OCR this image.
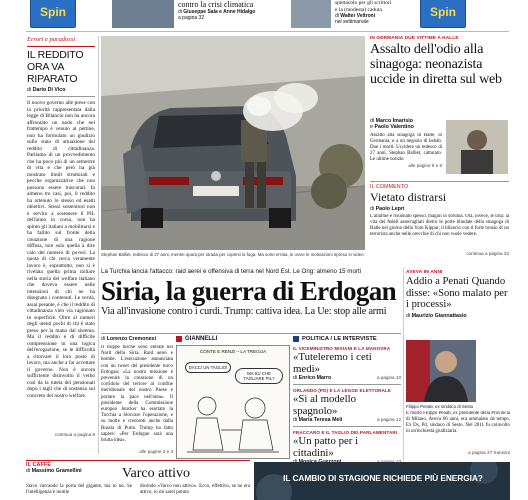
Spin
contro la crisi climatica
di Giuseppe Sala e Anne Hidalgo
a pagina 32
spettacolo per gli scrittori
e la (modesta) caduta
di Walter Veltroni
nel settimanale
Spin
Errori e paradossi
IL REDDITO ORA VA RIPARATO
di Dario Di Vico
Il nuovo governo alle prese con la priorità rappresentata dalla legge di Bilancio non ha ancora affrontato un nodo che nel frattempo è venuto al pettine, non ha formulato un giudizio sullo stato di attuazione del reddito di cittadinanza. Parliamo di un provvedimento che ha poco più di un semestre di vita e che però ha già mostrato limiti strutturali e pecche organizzative che non possono essere trascurati. In almeno tre casi, poi, il reddito ha ottenuto lo stesso ed esatti obiettivi. Stessi sostenitori non è servito a sostenere il PIL dell'anno in corso, non ha spinto gli italiani a mobilitarsi e ha fallito sul fronte della creazione di una ragione diffusa, non solo quella a dire calo del numero di poveri. La quota di chi cerca veramente lavoro è, soprattutto, non si è rivelata quella prima miliare nella storia del welfare italiano che doveva essere nelle intenzioni di chi ne ha disegnato i contenuti. Le verità, assai pesante, è che il reddito di cittadinanza vien via ragionato in superficie. Oltre al numeri degli utenti pochi di chi è stato preso per la mano dal sistema. Ma il reddito è di difficile comprensione in una logica dell'erogazione, se le difficoltà a ritorvare il loro posto di lavoro, ma anche a far accettare il governo. Non è ancora sufficiente disinvolto il verbo così da la tutela dei pensionati dopo i tagli che di sostanza sul concreto del nostro welfare.
continua a pagina 9
Stephan Balliet, tedesco di 27 anni, mentre spara per strada per coprirsi la fuga. Ma sorte errata, le ovvie le motivazioni ripreso in video
IN GERMANIA DUE VITTIME A HALLE
Assalto dell'odio alla sinagoga: neonazista uccide in diretta sul web
di Marco Imarisio
e Paolo Valentino
Assalto alla sinagoga di Halle, in Germania, e a un negozio di kebab. Due i morti. Uccidere un tedesco di 27 anni, Stephan Balliet, catturato. Le ultime notizie.
alle pagine 5 e 6
IL COMMENTO
Vietato distrarsi
di Paolo Lepri
L'allarme è risuonato spesso, magari in sordina. Ora, invece, le urla: la vita dei fedeli asserragliati dietro le porte blindate della sinagoga di Halle nel giorno dello Yom Kippur, il bilancio con il forte brusio di un terrorista anche nelle orecchie di chi non vuole vedere.
continua a pagina 32
La Turchia lancia l'attacco: raid aerei e offensiva di terra nel Nord Est. Le Ong: almeno 15 morti
Siria, la guerra di Erdogan
Via all'invasione contro i curdi. Trump: cattiva idea. La Ue: stop alle armi
AVEVA 86 ANNI
Addio a Penati Quando disse: «Sono malato per i processi»
di Maurizio Giannattasio
Filippo Penati, ex sindaco di Sesto
È morto Filippo Penati, ex presidente della Provincia di Milano. Aveva 66 anni, era ammalato da tempo. Ex Ds, Pd, sindaco di Sesto. Nel 2011 fu coinvolto in un'inchiesta giudiziaria.
a pagina 27 Sansoni
di Lorenzo Cremonesi
Il truppe turche sono entrate nel Nord della Siria. Raid aerei e bombe. L'esecuzione annunciata con un tweet del presidente turco Erdogan: «La nostra missione è prevenire la creazione di un corridoio del terrore al confine meridionale del nostro Paese e portare la pace nell'area». Il presidente della Commissione europea Juncker ha esortato la Turchia a bloccare l'operazione, e su molte e crescenti anche dalla Russia di Putin. Trump ha fatto sapere: «Per Erdogan sarà una brutta idea».
alle pagine 2 e 3
GIANNELLI
CONTE E RENZI – LA TREGUA
DACCI UN TAGLIO!
MA SU CHE TAGLIARE PIL?
POLITICA / LE INTERVISTE
IL VICEMINISTRO MISIANI E LA MANOVRA
«Tuteleremo i ceti medi»
di Enrico Marro	a pagina 10
ORLANDO (PD) E LA LEGGE ELETTORALE
«Sì al modello spagnolo»
di Maria Teresa Meli	a pagina 12
FRACCARO E IL TAGLIO DEI PARLAMENTARI
«Un patto per i cittadini»
IL CAFFÈ
di Massimo Gramellini	Varco attivo
Stavo varcando la porta del gigante, ma io no. Se l'intelligenza è inutile
dicendo «Varco non attivo». Ecco, effettivo, se ne era attivo, io mi sarei potuto
IL CAMBIO DI STAGIONE RICHIEDE PIÙ ENERGIA?
